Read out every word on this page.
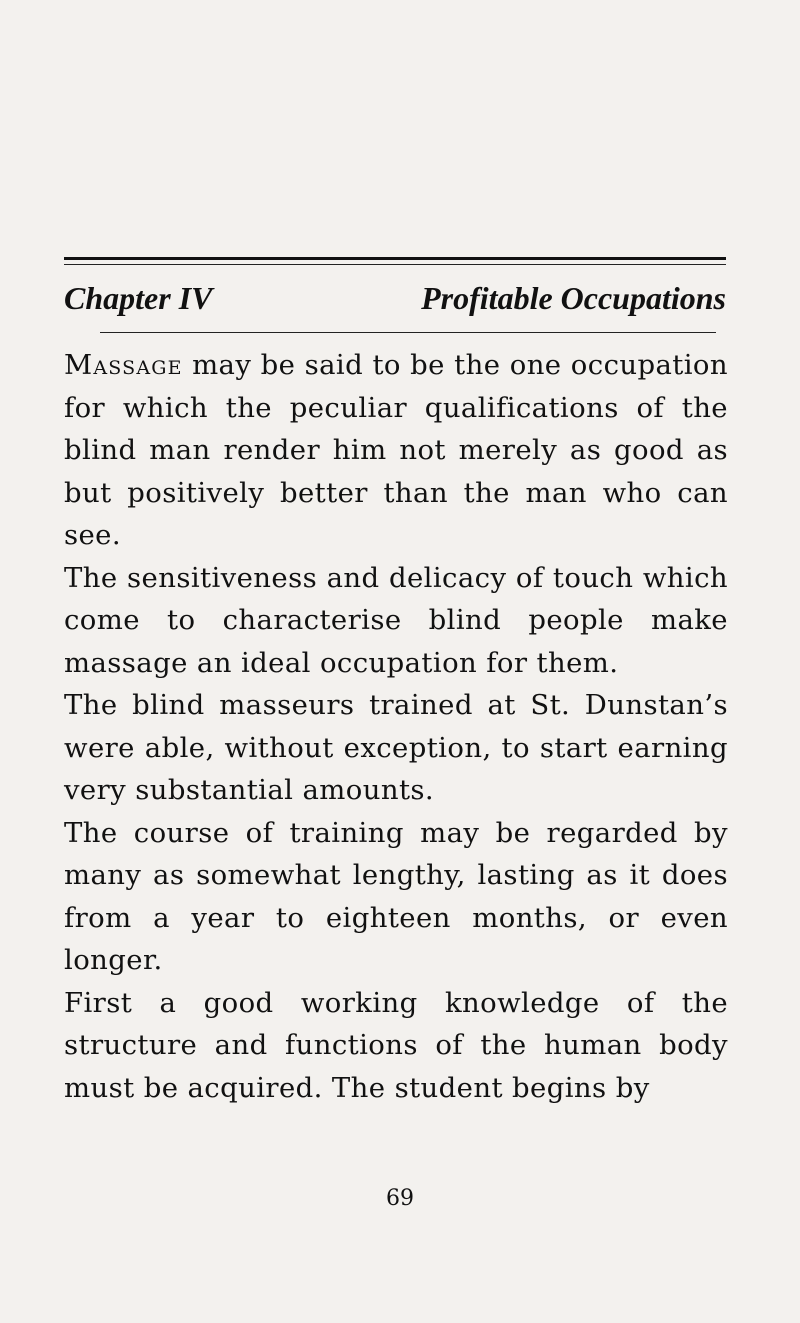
Chapter IV	Profitable Occupations

Massage may be said to be the one occupation for which the peculiar qualifications of the blind man render him not merely as good as but positively better than the man who can see.

The sensitiveness and delicacy of touch which come to characterise blind people make massage an ideal occupation for them.

The blind masseurs trained at St. Dunstan’s were able, without exception, to start earning very substantial amounts.

The course of training may be regarded by many as somewhat lengthy, lasting as it does from a year to eighteen months, or even longer.

First a good working knowledge of the structure and functions of the human body must be acquired. The student begins by

69
